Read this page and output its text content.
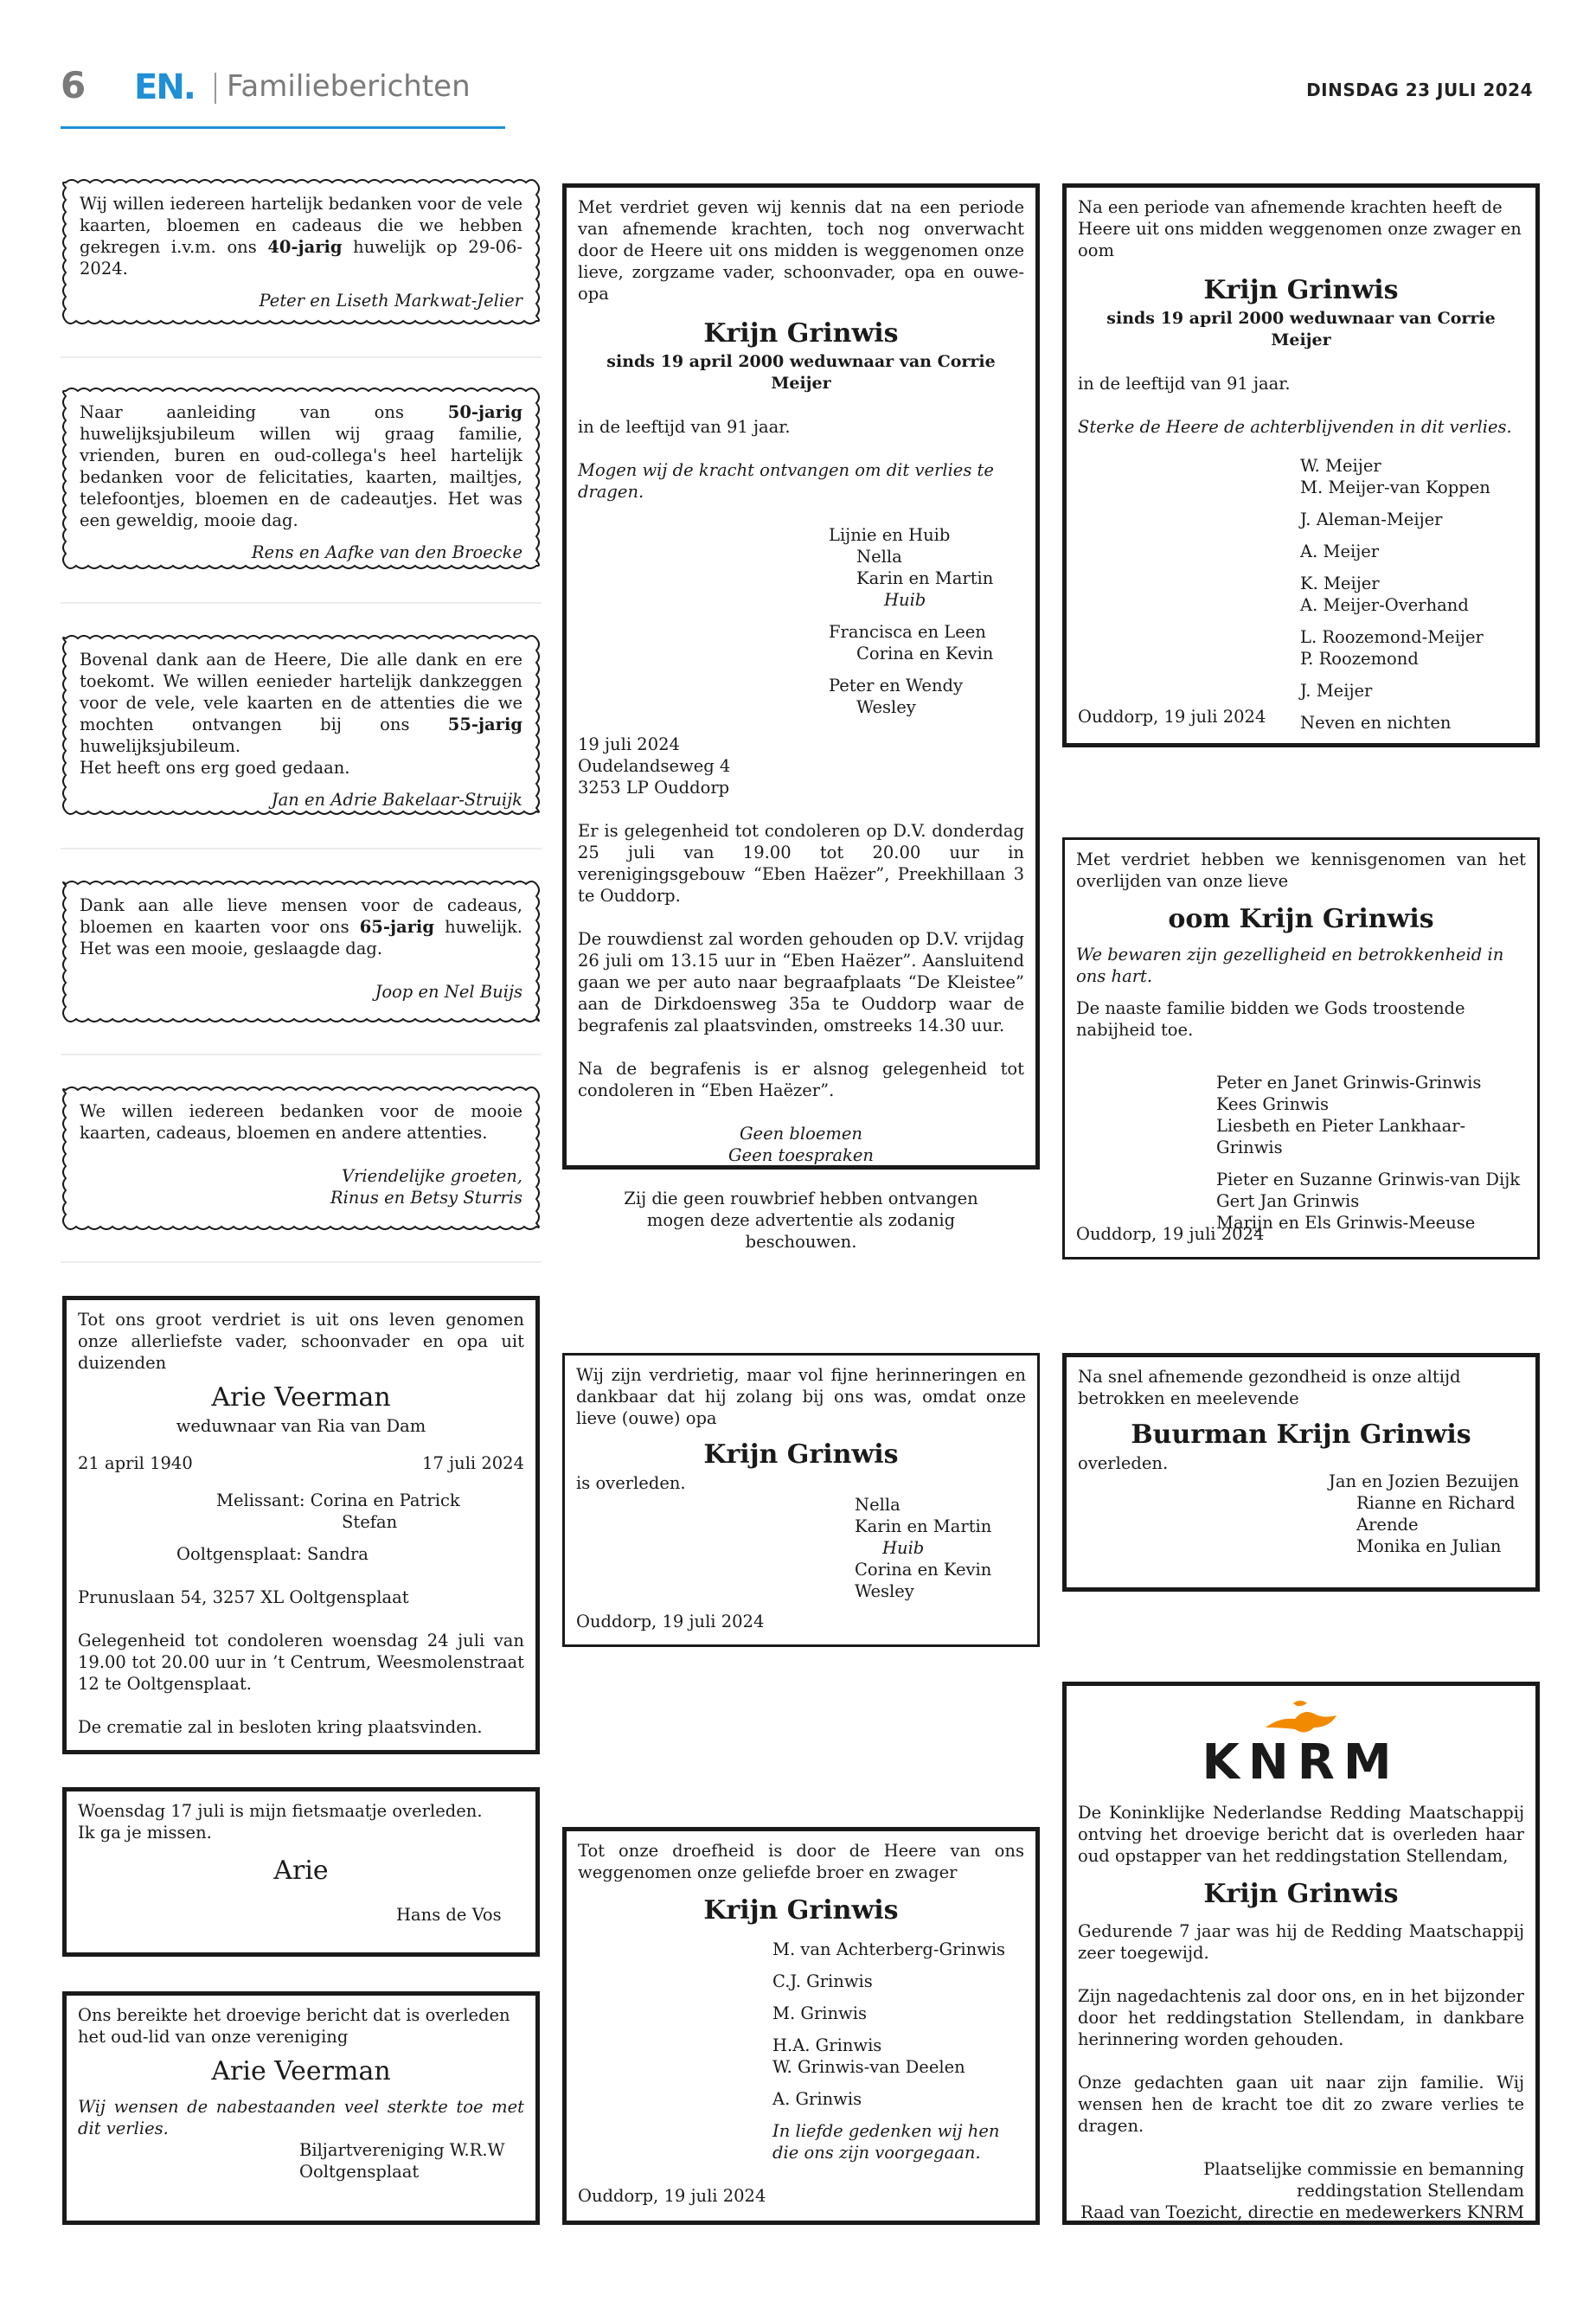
6 EN. Familieberichten	DINSDAG 23 JULI 2024
Wij willen iedereen hartelijk bedanken voor de vele kaarten, bloemen en cadeaus die we hebben gekregen i.v.m. ons 40-jarig huwelijk op 29-06-2024.
Peter en Liseth Markwat-Jelier
Naar aanleiding van ons 50-jarig huwelijksjubileum willen wij graag familie, vrienden, buren en oud-collega's heel hartelijk bedanken voor de felicitaties, kaarten, mailtjes, telefoontjes, bloemen en de cadeautjes. Het was een geweldig, mooie dag.
Rens en Aafke van den Broecke
Bovenal dank aan de Heere, Die alle dank en ere toekomt. We willen eenieder hartelijk dankzeggen voor de vele, vele kaarten en de attenties die we mochten ontvangen bij ons 55-jarig huwelijksjubileum.
Het heeft ons erg goed gedaan.
Jan en Adrie Bakelaar-Struijk
Dank aan alle lieve mensen voor de cadeaus, bloemen en kaarten voor ons 65-jarig huwelijk. Het was een mooie, geslaagde dag.
Joop en Nel Buijs
We willen iedereen bedanken voor de mooie kaarten, cadeaus, bloemen en andere attenties.
Vriendelijke groeten,
Rinus en Betsy Sturris
Met verdriet geven wij kennis dat na een periode van afnemende krachten, toch nog onverwacht door de Heere uit ons midden is weggenomen onze lieve, zorgzame vader, schoonvader, opa en ouwe-opa
Krijn Grinwis
sinds 19 april 2000 weduwnaar van Corrie Meijer
in de leeftijd van 91 jaar.
Mogen wij de kracht ontvangen om dit verlies te dragen.
Lijnie en Huib
Nella
Karin en Martin
Huib
Francisca en Leen
Corina en Kevin
Peter en Wendy
Wesley
19 juli 2024
Oudelandseweg 4
3253 LP Ouddorp
Er is gelegenheid tot condoleren op D.V. donderdag 25 juli van 19.00 tot 20.00 uur in verenigingsgebouw “Eben Haëzer”, Preekhillaan 3 te Ouddorp.
De rouwdienst zal worden gehouden op D.V. vrijdag 26 juli om 13.15 uur in “Eben Haëzer”. Aansluitend gaan we per auto naar begraafplaats “De Kleistee” aan de Dirkdoensweg 35a te Ouddorp waar de begrafenis zal plaatsvinden, omstreeks 14.30 uur.
Na de begrafenis is er alsnog gelegenheid tot condoleren in “Eben Haëzer”.
Geen bloemen
Geen toespraken
Zij die geen rouwbrief hebben ontvangen mogen deze advertentie als zodanig beschouwen.
Na een periode van afnemende krachten heeft de Heere uit ons midden weggenomen onze zwager en oom
Krijn Grinwis
sinds 19 april 2000 weduwnaar van Corrie Meijer
in de leeftijd van 91 jaar.
Sterke de Heere de achterblijvenden in dit verlies.
W. Meijer
M. Meijer-van Koppen
J. Aleman-Meijer
A. Meijer
K. Meijer
A. Meijer-Overhand
L. Roozemond-Meijer
P. Roozemond
J. Meijer
Neven en nichten
Ouddorp, 19 juli 2024
Met verdriet hebben we kennisgenomen van het overlijden van onze lieve
oom Krijn Grinwis
We bewaren zijn gezelligheid en betrokkenheid in ons hart.
De naaste familie bidden we Gods troostende nabijheid toe.
Peter en Janet Grinwis-Grinwis
Kees Grinwis
Liesbeth en Pieter Lankhaar-Grinwis
Pieter en Suzanne Grinwis-van Dijk
Gert Jan Grinwis
Marijn en Els Grinwis-Meeuse
Ouddorp, 19 juli 2024
Tot ons groot verdriet is uit ons leven genomen onze allerliefste vader, schoonvader en opa uit duizenden
Arie Veerman
weduwnaar van Ria van Dam
21 april 1940	17 juli 2024
Melissant: Corina en Patrick
Stefan
Ooltgensplaat: Sandra
Prunuslaan 54, 3257 XL Ooltgensplaat
Gelegenheid tot condoleren woensdag 24 juli van 19.00 tot 20.00 uur in ’t Centrum, Weesmolenstraat 12 te Ooltgensplaat.
De crematie zal in besloten kring plaatsvinden.
Wij zijn verdrietig, maar vol fijne herinneringen en dankbaar dat hij zolang bij ons was, omdat onze lieve (ouwe) opa
Krijn Grinwis
is overleden.
Nella
Karin en Martin
Huib
Corina en Kevin
Wesley
Ouddorp, 19 juli 2024
Na snel afnemende gezondheid is onze altijd betrokken en meelevende
Buurman Krijn Grinwis
overleden.
Jan en Jozien Bezuijen
Rianne en Richard
Arende
Monika en Julian
Woensdag 17 juli is mijn fietsmaatje overleden.
Ik ga je missen.
Arie
Hans de Vos
Tot onze droefheid is door de Heere van ons weggenomen onze geliefde broer en zwager
Krijn Grinwis
M. van Achterberg-Grinwis
C.J. Grinwis
M. Grinwis
H.A. Grinwis
W. Grinwis-van Deelen
A. Grinwis
In liefde gedenken wij hen die ons zijn voorgegaan.
Ouddorp, 19 juli 2024
KNRM
De Koninklijke Nederlandse Redding Maatschappij ontving het droevige bericht dat is overleden haar oud opstapper van het reddingstation Stellendam,
Krijn Grinwis
Gedurende 7 jaar was hij de Redding Maatschappij zeer toegewijd.
Zijn nagedachtenis zal door ons, en in het bijzonder door het reddingstation Stellendam, in dankbare herinnering worden gehouden.
Onze gedachten gaan uit naar zijn familie. Wij wensen hen de kracht toe dit zo zware verlies te dragen.
Plaatselijke commissie en bemanning
reddingstation Stellendam
Raad van Toezicht, directie en medewerkers KNRM
Ons bereikte het droevige bericht dat is overleden het oud-lid van onze vereniging
Arie Veerman
Wij wensen de nabestaanden veel sterkte toe met dit verlies.
Biljartvereniging W.R.W
Ooltgensplaat
